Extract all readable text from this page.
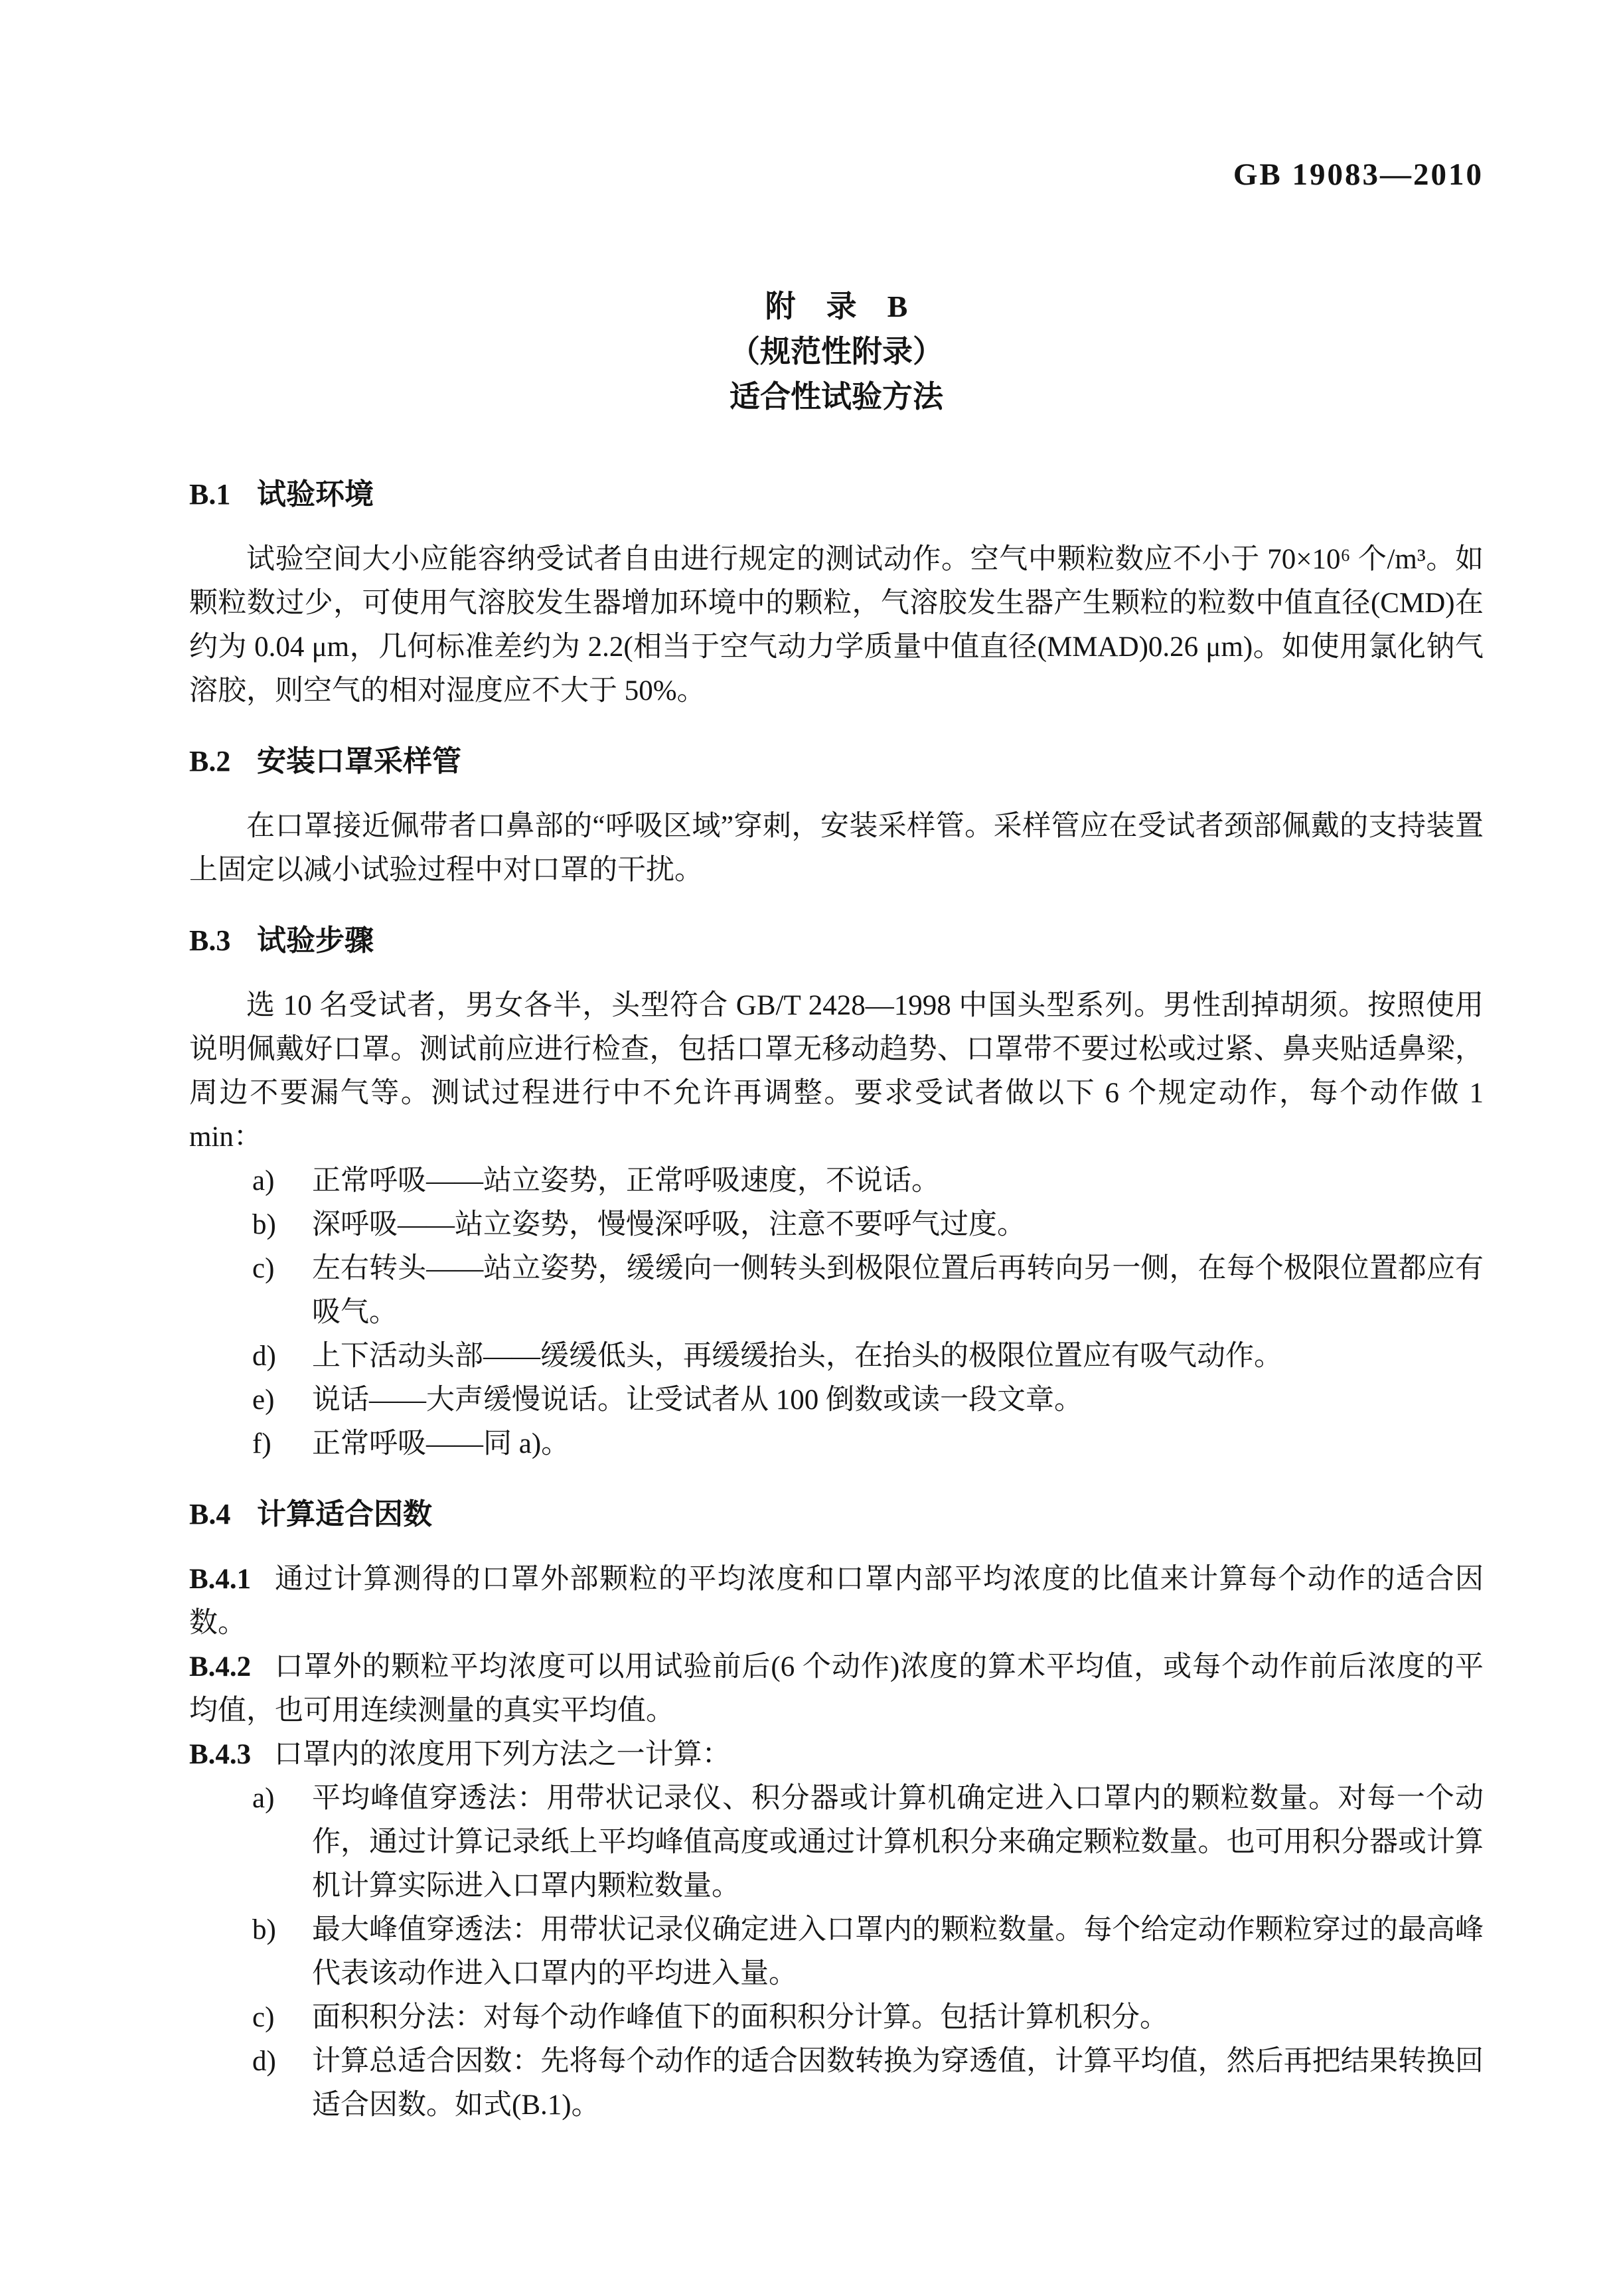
GB 19083—2010
附　录　B
（规范性附录）
适合性试验方法
B.1 试验环境

试验空间大小应能容纳受试者自由进行规定的测试动作。空气中颗粒数应不小于 70×10⁶ 个/m³。如颗粒数过少，可使用气溶胶发生器增加环境中的颗粒，气溶胶发生器产生颗粒的粒数中值直径(CMD)在约为 0.04 μm，几何标准差约为 2.2(相当于空气动力学质量中值直径(MMAD)0.26 μm)。如使用氯化钠气溶胶，则空气的相对湿度应不大于 50%。

B.2 安装口罩采样管

在口罩接近佩带者口鼻部的“呼吸区域”穿刺，安装采样管。采样管应在受试者颈部佩戴的支持装置上固定以减小试验过程中对口罩的干扰。

B.3 试验步骤

选 10 名受试者，男女各半，头型符合 GB/T 2428—1998 中国头型系列。男性刮掉胡须。按照使用说明佩戴好口罩。测试前应进行检查，包括口罩无移动趋势、口罩带不要过松或过紧、鼻夹贴适鼻梁，周边不要漏气等。测试过程进行中不允许再调整。要求受试者做以下 6 个规定动作，每个动作做 1 min：

a) 正常呼吸——站立姿势，正常呼吸速度，不说话。
b) 深呼吸——站立姿势，慢慢深呼吸，注意不要呼气过度。
c) 左右转头——站立姿势，缓缓向一侧转头到极限位置后再转向另一侧，在每个极限位置都应有吸气。
d) 上下活动头部——缓缓低头，再缓缓抬头，在抬头的极限位置应有吸气动作。
e) 说话——大声缓慢说话。让受试者从 100 倒数或读一段文章。
f) 正常呼吸——同 a)。
B.4 计算适合因数

B.4.1 通过计算测得的口罩外部颗粒的平均浓度和口罩内部平均浓度的比值来计算每个动作的适合因数。

B.4.2 口罩外的颗粒平均浓度可以用试验前后(6 个动作)浓度的算术平均值，或每个动作前后浓度的平均值，也可用连续测量的真实平均值。

B.4.3 口罩内的浓度用下列方法之一计算：

a) 平均峰值穿透法：用带状记录仪、积分器或计算机确定进入口罩内的颗粒数量。对每一个动作，通过计算记录纸上平均峰值高度或通过计算机积分来确定颗粒数量。也可用积分器或计算机计算实际进入口罩内颗粒数量。
b) 最大峰值穿透法：用带状记录仪确定进入口罩内的颗粒数量。每个给定动作颗粒穿过的最高峰代表该动作进入口罩内的平均进入量。
c) 面积积分法：对每个动作峰值下的面积积分计算。包括计算机积分。
d) 计算总适合因数：先将每个动作的适合因数转换为穿透值，计算平均值，然后再把结果转换回适合因数。如式(B.1)。
